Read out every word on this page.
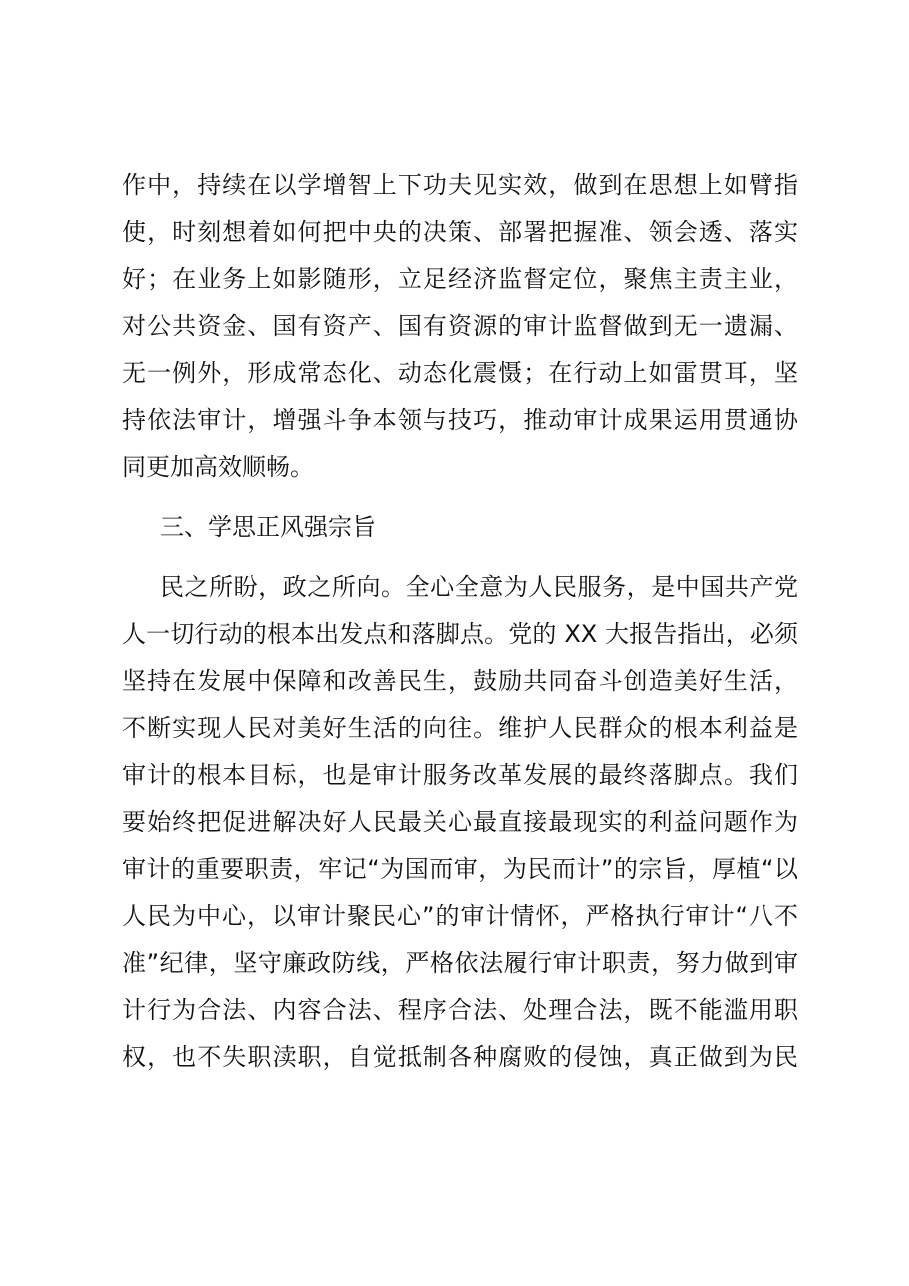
作中，持续在以学增智上下功夫见实效，做到在思想上如臂指
使，时刻想着如何把中央的决策、部署把握准、领会透、落实
好；在业务上如影随形，立足经济监督定位，聚焦主责主业，
对公共资金、国有资产、国有资源的审计监督做到无一遗漏、
无一例外，形成常态化、动态化震慑；在行动上如雷贯耳，坚
持依法审计，增强斗争本领与技巧，推动审计成果运用贯通协
同更加高效顺畅。
三、学思正风强宗旨
民之所盼，政之所向。全心全意为人民服务，是中国共产党
人一切行动的根本出发点和落脚点。党的 XX 大报告指出，必须
坚持在发展中保障和改善民生，鼓励共同奋斗创造美好生活，
不断实现人民对美好生活的向往。维护人民群众的根本利益是
审计的根本目标，也是审计服务改革发展的最终落脚点。我们
要始终把促进解决好人民最关心最直接最现实的利益问题作为
审计的重要职责，牢记“为国而审，为民而计”的宗旨，厚植“以
人民为中心，以审计聚民心”的审计情怀，严格执行审计“八不
准”纪律，坚守廉政防线，严格依法履行审计职责，努力做到审
计行为合法、内容合法、程序合法、处理合法，既不能滥用职
权，也不失职渎职，自觉抵制各种腐败的侵蚀，真正做到为民
